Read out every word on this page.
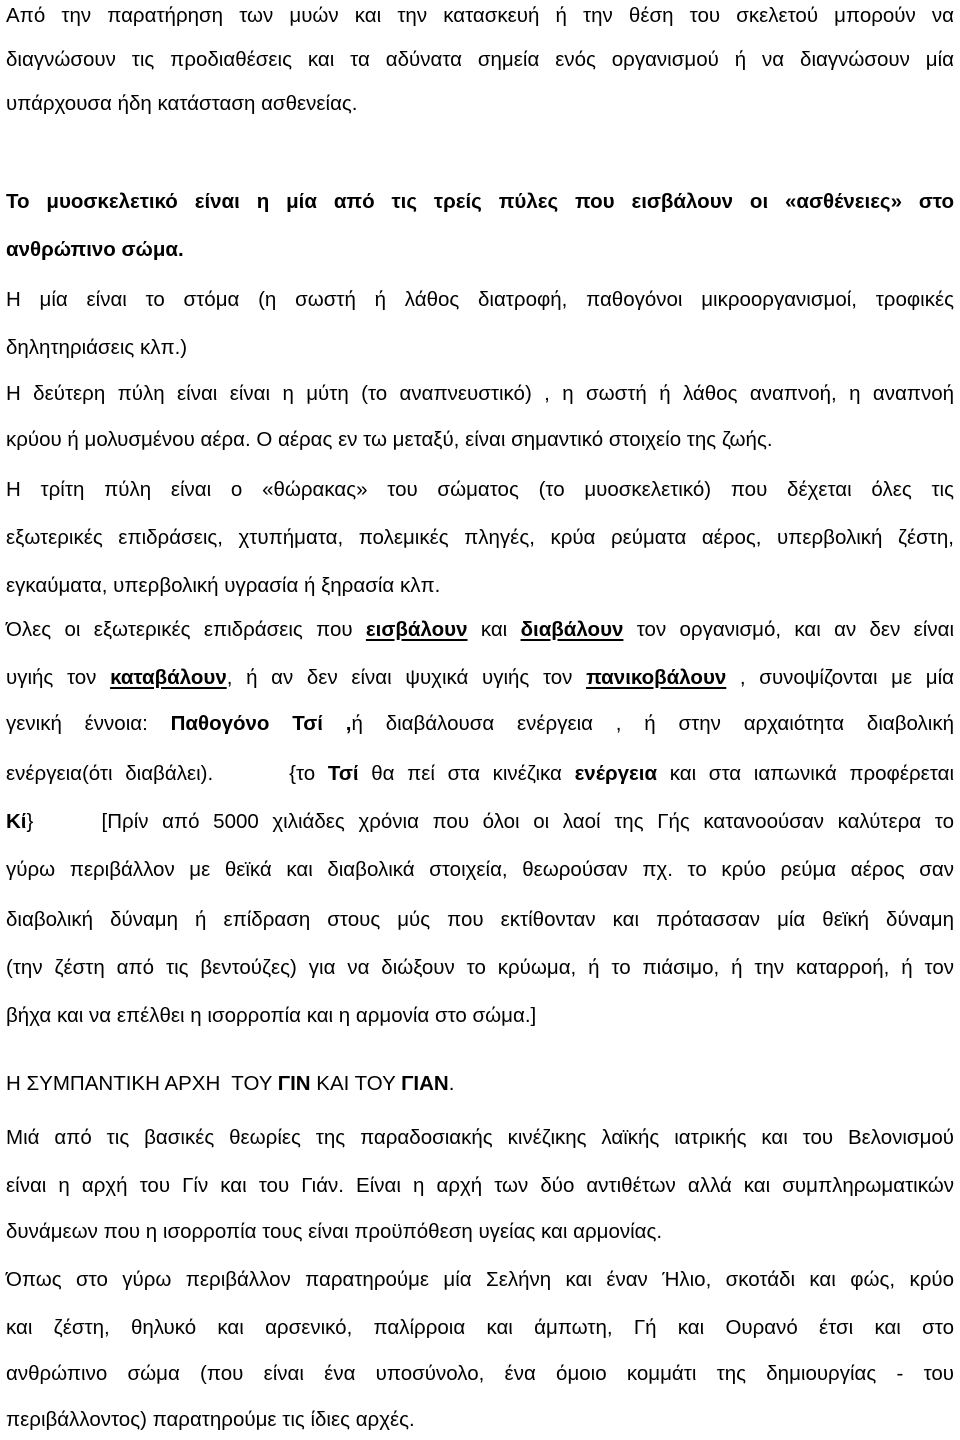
Από την παρατήρηση των μυών και την κατασκευή ή την θέση του σκελετού μπορούν να

διαγνώσουν τις προδιαθέσεις και τα αδύνατα σημεία ενός οργανισμού ή να διαγνώσουν μία

υπάρχουσα ήδη κατάσταση ασθενείας.

Το μυοσκελετικό είναι η μία από τις τρείς πύλες που εισβάλουν οι «ασθένειες» στο

ανθρώπινο σώμα.

Η μία είναι το στόμα (η σωστή ή λάθος διατροφή, παθογόνοι μικροοργανισμοί, τροφικές

δηλητηριάσεις κλπ.)

Η δεύτερη πύλη είναι είναι η μύτη (το αναπνευστικό) , η σωστή ή λάθος αναπνοή, η αναπνοή

κρύου ή μολυσμένου αέρα. Ο αέρας εν τω μεταξύ, είναι σημαντικό στοιχείο της ζωής.

Η τρίτη πύλη είναι ο «θώρακας» του σώματος (το μυοσκελετικό) που δέχεται όλες τις

εξωτερικές επιδράσεις, χτυπήματα, πολεμικές πληγές, κρύα ρεύματα αέρος, υπερβολική ζέστη,

εγκαύματα, υπερβολική υγρασία ή ξηρασία κλπ.

Όλες οι εξωτερικές επιδράσεις που εισβάλουν και διαβάλουν τον οργανισμό, και αν δεν είναι

υγιής τον καταβάλουν, ή αν δεν είναι ψυχικά υγιής τον πανικοβάλουν , συνοψίζονται με μία

γενική έννοια: Παθογόνο Τσί ,ή διαβάλουσα ενέργεια , ή στην αρχαιότητα διαβολική

ενέργεια(ότι διαβάλει).      {το Τσί θα πεί στα κινέζικα ενέργεια και στα ιαπωνικά προφέρεται

Κί}     [Πρίν από 5000 χιλιάδες χρόνια που όλοι οι λαοί της Γής κατανοούσαν καλύτερα το

γύρω περιβάλλον με θεϊκά και διαβολικά στοιχεία, θεωρούσαν πχ. το κρύο ρεύμα αέρος σαν

διαβολική δύναμη ή επίδραση στους μύς που εκτίθονταν και πρότασσαν μία θεϊκή δύναμη

(την ζέστη από τις βεντούζες) για να διώξουν το κρύωμα, ή το πιάσιμο, ή την καταρροή, ή τον

βήχα και να επέλθει η ισορροπία και η αρμονία στο σώμα.]

Η ΣΥΜΠΑΝΤΙΚΗ ΑΡΧΗ  ΤΟΥ ΓΙΝ ΚΑΙ ΤΟΥ ΓΙΑΝ.

Μιά από τις βασικές θεωρίες της παραδοσιακής κινέζικης λαϊκής ιατρικής και του Βελονισμού

είναι η αρχή του Γίν και του Γιάν. Είναι η αρχή των δύο αντιθέτων αλλά και συμπληρωματικών

δυνάμεων που η ισορροπία τους είναι προϋπόθεση υγείας και αρμονίας.

Όπως στο γύρω περιβάλλον παρατηρούμε μία Σελήνη και έναν Ήλιο, σκοτάδι και φώς, κρύο

και ζέστη, θηλυκό και αρσενικό, παλίρροια και άμπωτη, Γή και Ουρανό έτσι και στο

ανθρώπινο σώμα (που είναι ένα υποσύνολο, ένα όμοιο κομμάτι της δημιουργίας - του

περιβάλλοντος) παρατηρούμε τις ίδιες αρχές.
